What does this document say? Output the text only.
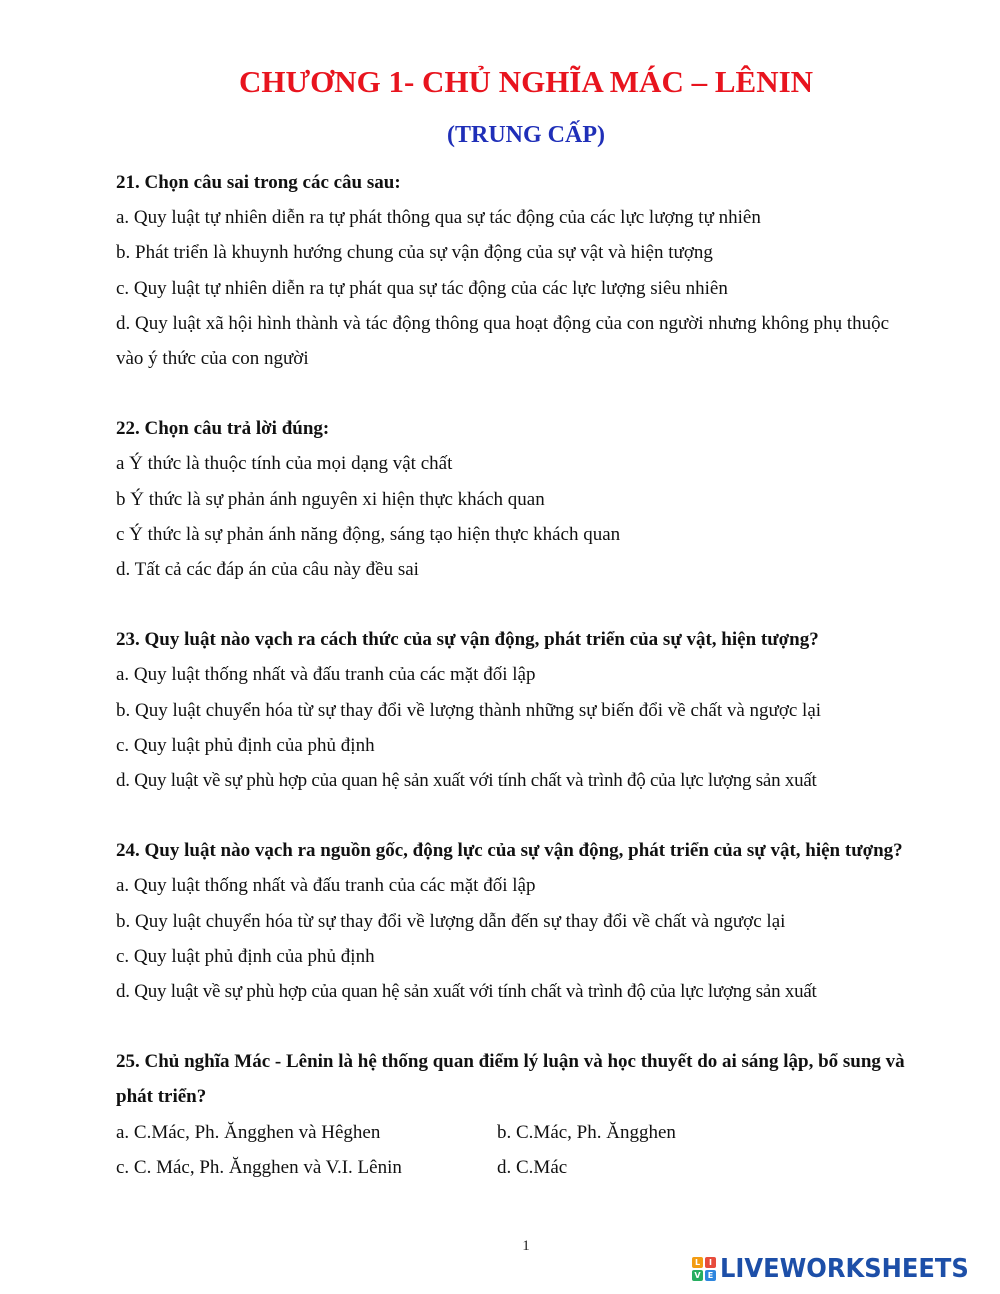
CHƯƠNG 1- CHỦ NGHĨA MÁC – LÊNIN
(TRUNG CẤP)
21. Chọn câu sai trong các câu sau:
a. Quy luật tự nhiên diễn ra tự phát thông qua sự tác động của các lực lượng tự nhiên
b. Phát triển là khuynh hướng chung của sự vận động của sự vật và hiện tượng
c. Quy luật tự nhiên diễn ra tự phát qua sự tác động của các lực lượng siêu nhiên
d. Quy luật xã hội hình thành và tác động thông qua hoạt động của con người nhưng không phụ thuộc vào ý thức của con người
22. Chọn câu trả lời đúng:
a Ý thức là thuộc tính của mọi dạng vật chất
b Ý thức là sự phản ánh nguyên xi hiện thực khách quan
c Ý thức là sự phản ánh năng động, sáng tạo hiện thực khách quan
d. Tất cả các đáp án của câu này đều sai
23. Quy luật nào vạch ra cách thức của sự vận động, phát triển của sự vật, hiện tượng?
a. Quy luật thống nhất và đấu tranh của các mặt đối lập
b. Quy luật chuyển hóa từ sự thay đổi về lượng thành những sự biến đổi về chất và ngược lại
c. Quy luật phủ định của phủ định
d. Quy luật về sự phù hợp của quan hệ sản xuất với tính chất và trình độ của lực lượng sản xuất
24. Quy luật nào vạch ra nguồn gốc, động lực của sự vận động, phát triển của sự vật, hiện tượng?
a. Quy luật thống nhất và đấu tranh của các mặt đối lập
b. Quy luật chuyển hóa từ sự thay đổi về lượng dẫn đến sự thay đổi về chất và ngược lại
c. Quy luật phủ định của phủ định
d. Quy luật về sự phù hợp của quan hệ sản xuất với tính chất và trình độ của lực lượng sản xuất
25. Chủ nghĩa Mác - Lênin là hệ thống quan điểm lý luận và học thuyết do ai sáng lập, bổ sung và phát triển?
a. C.Mác, Ph. Ăngghen và Hêghen	b. C.Mác, Ph. Ăngghen
c. C. Mác, Ph. Ăngghen và V.I. Lênin	d. C.Mác
1
L	I
V E LIVEWORKSHEETS
